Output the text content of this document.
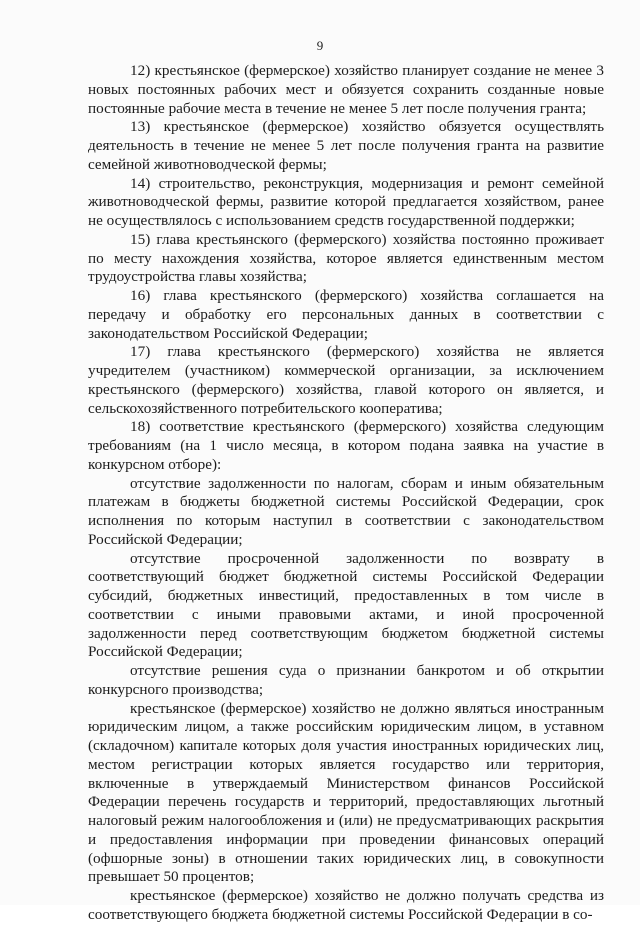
9

12) крестьянское (фермерское) хозяйство планирует создание не менее 3 новых постоянных рабочих мест и обязуется сохранить созданные новые постоянные рабочие места в течение не менее 5 лет после получения гранта;

13) крестьянское (фермерское) хозяйство обязуется осуществлять деятельность в течение не менее 5 лет после получения гранта на развитие семейной животноводческой фермы;

14) строительство, реконструкция, модернизация и ремонт семейной животноводческой фермы, развитие которой предлагается хозяйством, ранее не осуществлялось с использованием средств государственной поддержки;

15) глава крестьянского (фермерского) хозяйства постоянно проживает по месту нахождения хозяйства, которое является единственным местом трудоустройства главы хозяйства;

16) глава крестьянского (фермерского) хозяйства соглашается на передачу и обработку его персональных данных в соответствии с законодательством Российской Федерации;

17) глава крестьянского (фермерского) хозяйства не является учредителем (участником) коммерческой организации, за исключением крестьянского (фермерского) хозяйства, главой которого он является, и сельскохозяйственного потребительского кооператива;

18) соответствие крестьянского (фермерского) хозяйства следующим требованиям (на 1 число месяца, в котором подана заявка на участие в конкурсном отборе):

отсутствие задолженности по налогам, сборам и иным обязательным платежам в бюджеты бюджетной системы Российской Федерации, срок исполнения по которым наступил в соответствии с законодательством Российской Федерации;

отсутствие просроченной задолженности по возврату в соответствующий бюджет бюджетной системы Российской Федерации субсидий, бюджетных инвестиций, предоставленных в том числе в соответствии с иными правовыми актами, и иной просроченной задолженности перед соответствующим бюджетом бюджетной системы Российской Федерации;

отсутствие решения суда о признании банкротом и об открытии конкурсного производства;

крестьянское (фермерское) хозяйство не должно являться иностранным юридическим лицом, а также российским юридическим лицом, в уставном (складочном) капитале которых доля участия иностранных юридических лиц, местом регистрации которых является государство или территория, включенные в утверждаемый Министерством финансов Российской Федерации перечень государств и территорий, предоставляющих льготный налоговый режим налогообложения и (или) не предусматривающих раскрытия и предоставления информации при проведении финансовых операций (офшорные зоны) в отношении таких юридических лиц, в совокупности превышает 50 процентов;

крестьянское (фермерское) хозяйство не должно получать средства из соответствующего бюджета бюджетной системы Российской Федерации в со-
